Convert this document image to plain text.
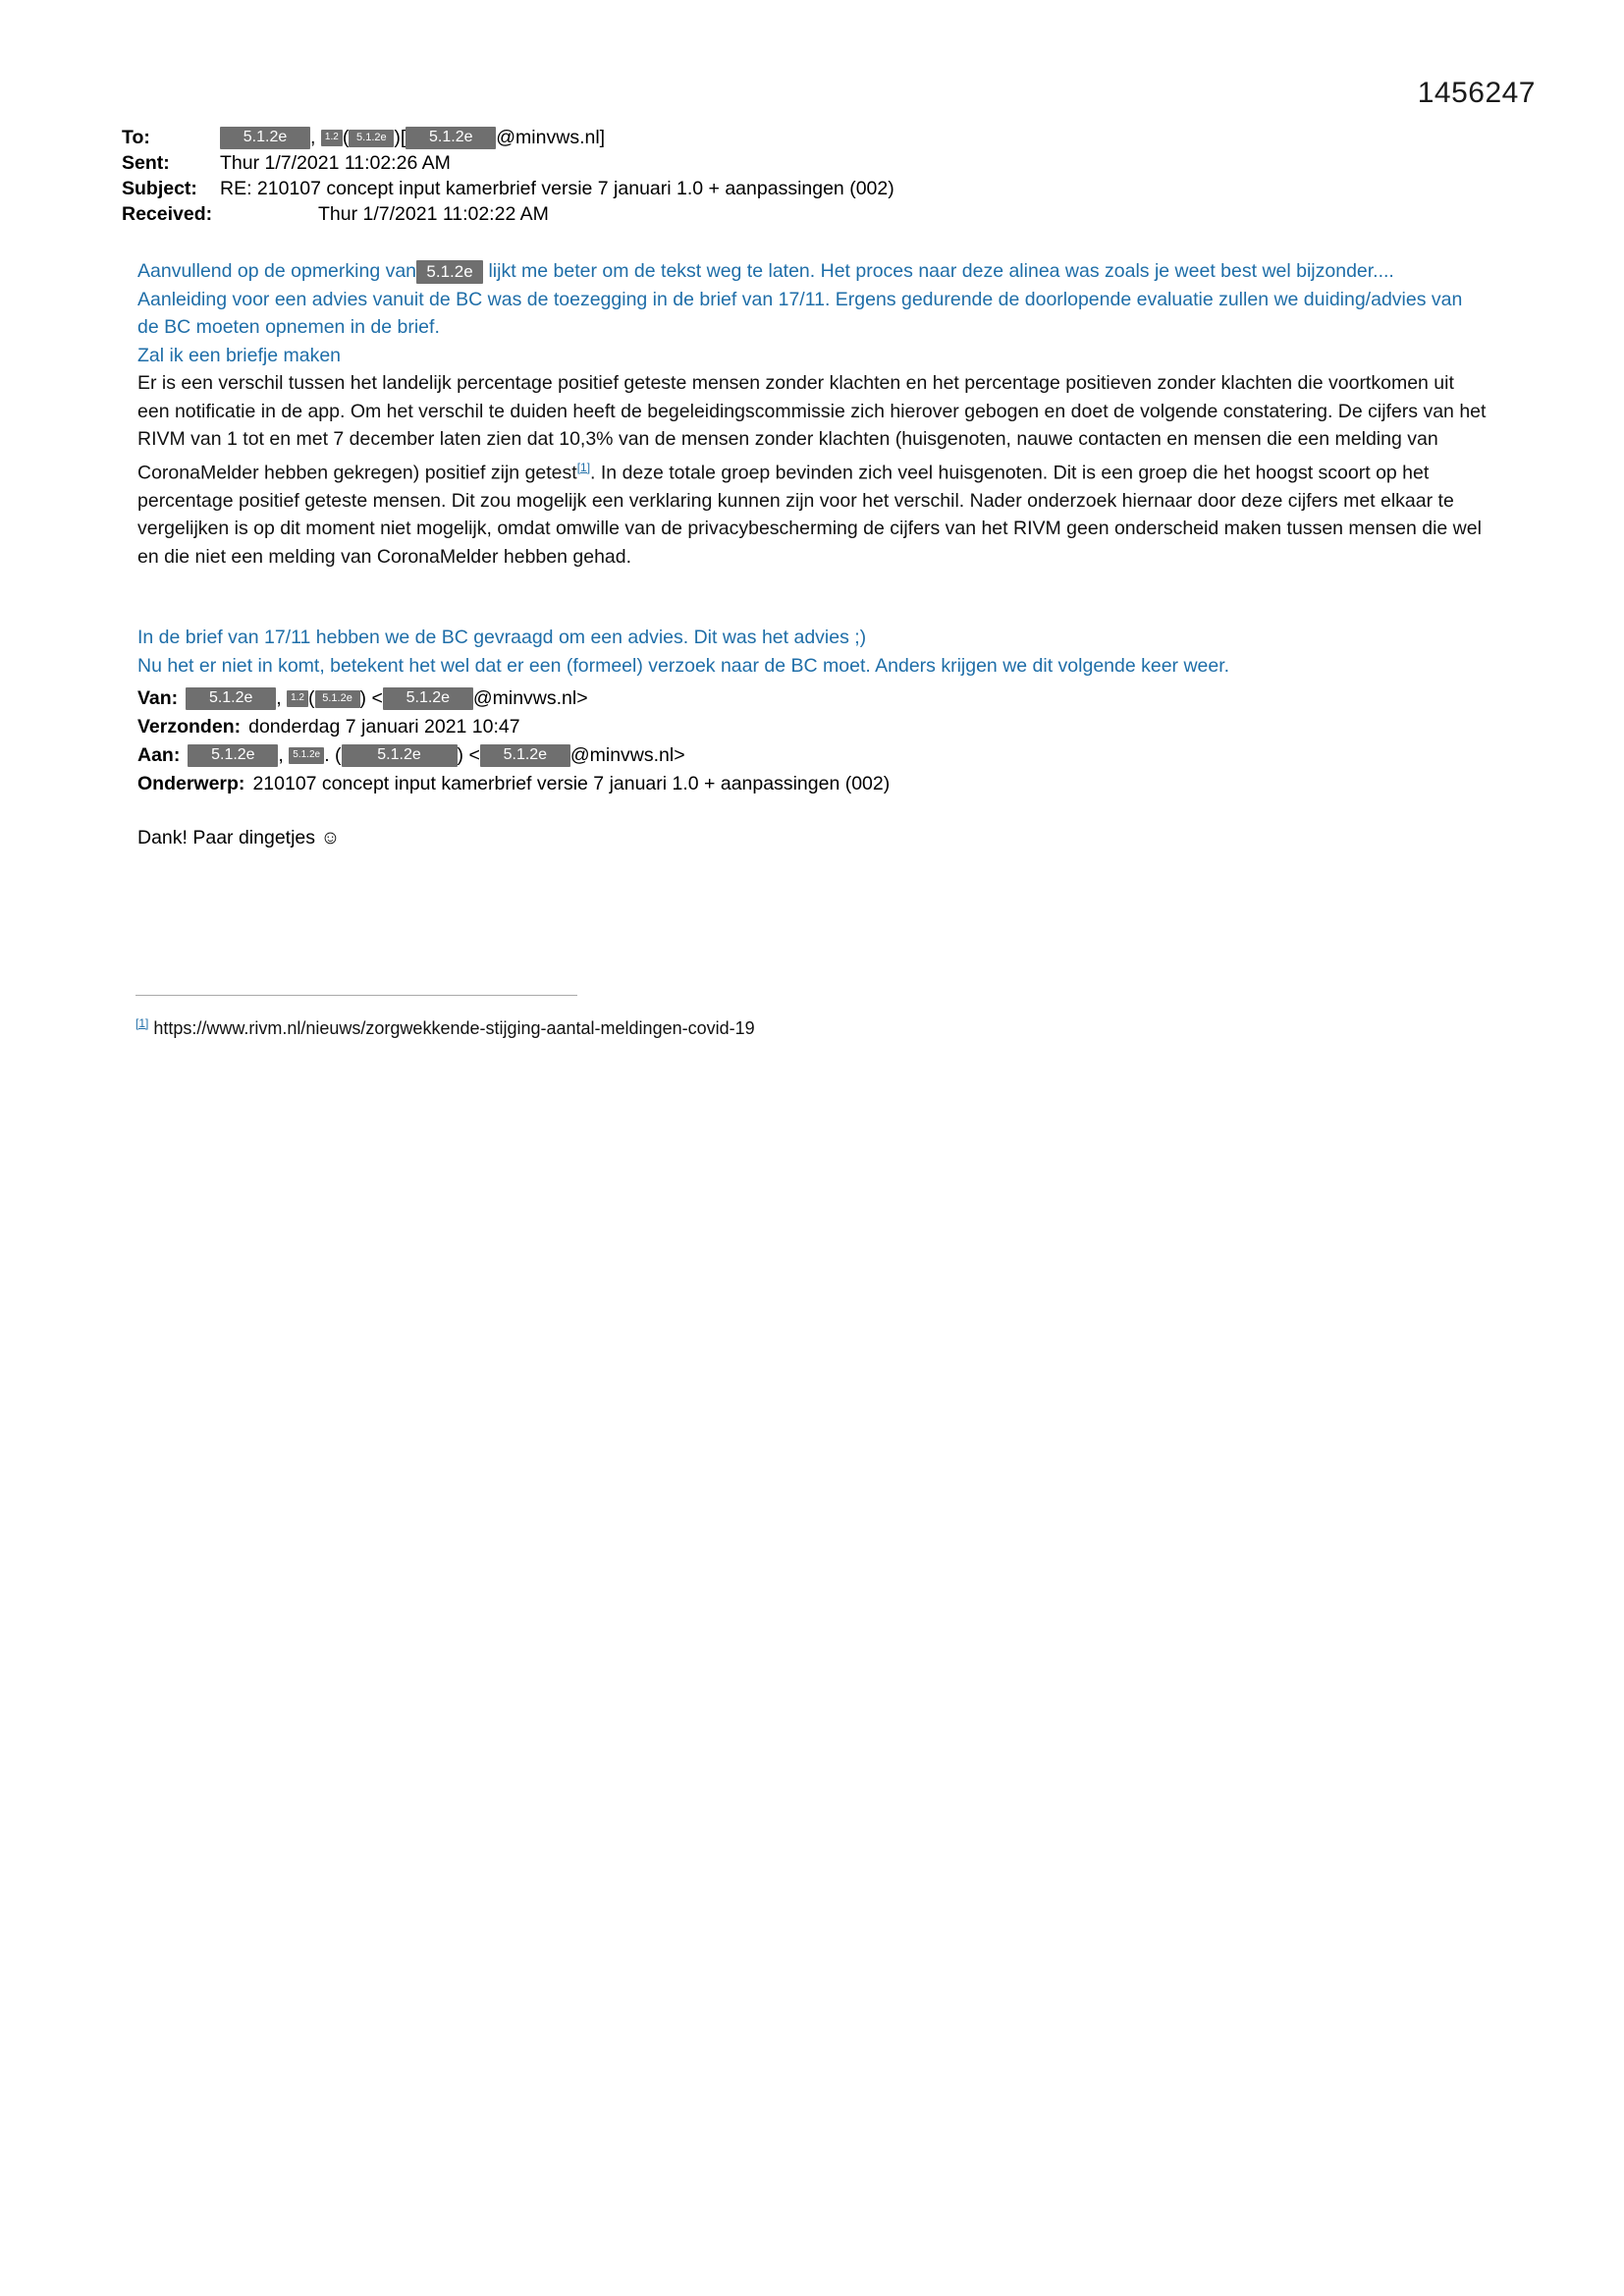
1456247
To:	5.1.2e , 1.2 ( 5.1.2e )[ 5.1.2e @minvws.nl]
Sent:	Thur 1/7/2021 11:02:26 AM
Subject:	RE: 210107 concept input kamerbrief versie 7 januari 1.0 + aanpassingen (002)
Received:	Thur 1/7/2021 11:02:22 AM

Aanvullend op de opmerking van 5.1.2e lijkt me beter om de tekst weg te laten. Het proces naar deze alinea was zoals je weet best wel bijzonder....

Aanleiding voor een advies vanuit de BC was de toezegging in de brief van 17/11. Ergens gedurende de doorlopende evaluatie zullen we duiding/advies van de BC moeten opnemen in de brief.

Zal ik een briefje maken

Er is een verschil tussen het landelijk percentage positief geteste mensen zonder klachten en het percentage positieven zonder klachten die voortkomen uit een notificatie in de app. Om het verschil te duiden heeft de begeleidingscommissie zich hierover gebogen en doet de volgende constatering. De cijfers van het RIVM van 1 tot en met 7 december laten zien dat 10,3% van de mensen zonder klachten (huisgenoten, nauwe contacten en mensen die een melding van CoronaMelder hebben gekregen) positief zijn getest[1]. In deze totale groep bevinden zich veel huisgenoten. Dit is een groep die het hoogst scoort op het percentage positief geteste mensen. Dit zou mogelijk een verklaring kunnen zijn voor het verschil. Nader onderzoek hiernaar door deze cijfers met elkaar te vergelijken is op dit moment niet mogelijk, omdat omwille van de privacybescherming de cijfers van het RIVM geen onderscheid maken tussen mensen die wel en die niet een melding van CoronaMelder hebben gehad.

In de brief van 17/11 hebben we de BC gevraagd om een advies. Dit was het advies ;)

Nu het er niet in komt, betekent het wel dat er een (formeel) verzoek naar de BC moet. Anders krijgen we dit volgende keer weer.

Van:	5.1.2e , 1.2 ( 5.1.2e ) < 5.1.2e @minvws.nl>
Verzonden: donderdag 7 januari 2021 10:47
Aan:	5.1.2e , 5.1.2e . ( 5.1.2e ) < 5.1.2e @minvws.nl>
Onderwerp: 210107 concept input kamerbrief versie 7 januari 1.0 + aanpassingen (002)
Dank! Paar dingetjes ☺
[1] https://www.rivm.nl/nieuws/zorgwekkende-stijging-aantal-meldingen-covid-19
